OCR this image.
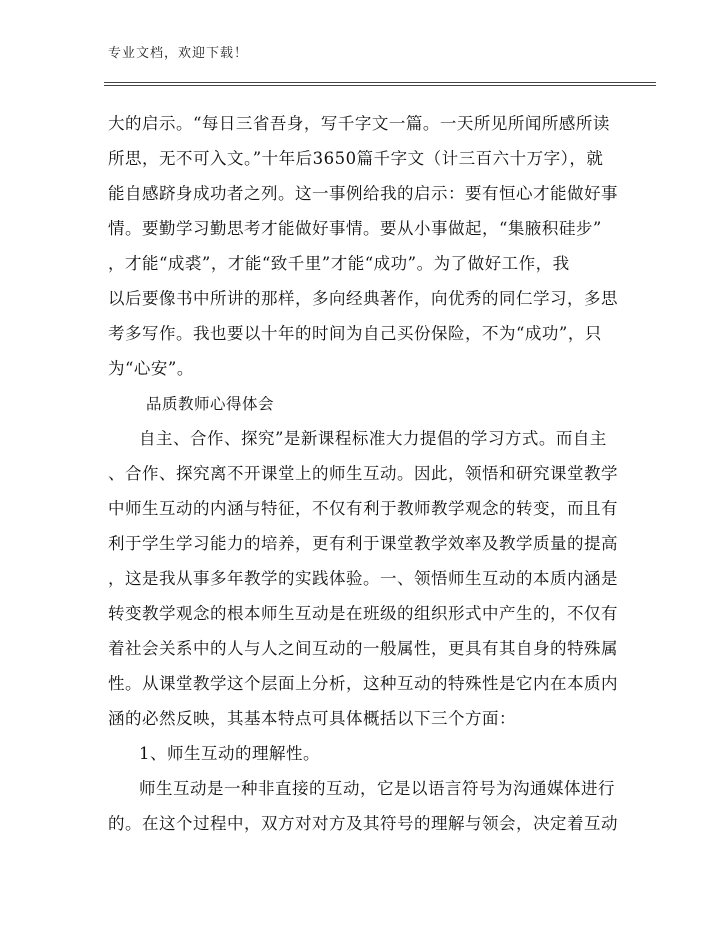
专业文档，欢迎下载！
大的启示。“每日三省吾身，写千字文一篇。一天所见所闻所感所读
所思，无不可入文。”十年后3650篇千字文（计三百六十万字），就
能自感跻身成功者之列。这一事例给我的启示：要有恒心才能做好事
情。要勤学习勤思考才能做好事情。要从小事做起，“集腋积硅步”
，才能“成裘”，才能“致千里”才能“成功”。为了做好工作，我
以后要像书中所讲的那样，多向经典著作，向优秀的同仁学习，多思
考多写作。我也要以十年的时间为自己买份保险，不为“成功”，只
为“心安”。
品质教师心得体会
自主、合作、探究”是新课程标准大力提倡的学习方式。而自主
、合作、探究离不开课堂上的师生互动。因此，领悟和研究课堂教学
中师生互动的内涵与特征，不仅有利于教师教学观念的转变，而且有
利于学生学习能力的培养，更有利于课堂教学效率及教学质量的提高
，这是我从事多年教学的实践体验。一、领悟师生互动的本质内涵是
转变教学观念的根本师生互动是在班级的组织形式中产生的，不仅有
着社会关系中的人与人之间互动的一般属性，更具有其自身的特殊属
性。从课堂教学这个层面上分析，这种互动的特殊性是它内在本质内
涵的必然反映，其基本特点可具体概括以下三个方面：
1、师生互动的理解性。
师生互动是一种非直接的互动，它是以语言符号为沟通媒体进行
的。在这个过程中，双方对对方及其符号的理解与领会，决定着互动
